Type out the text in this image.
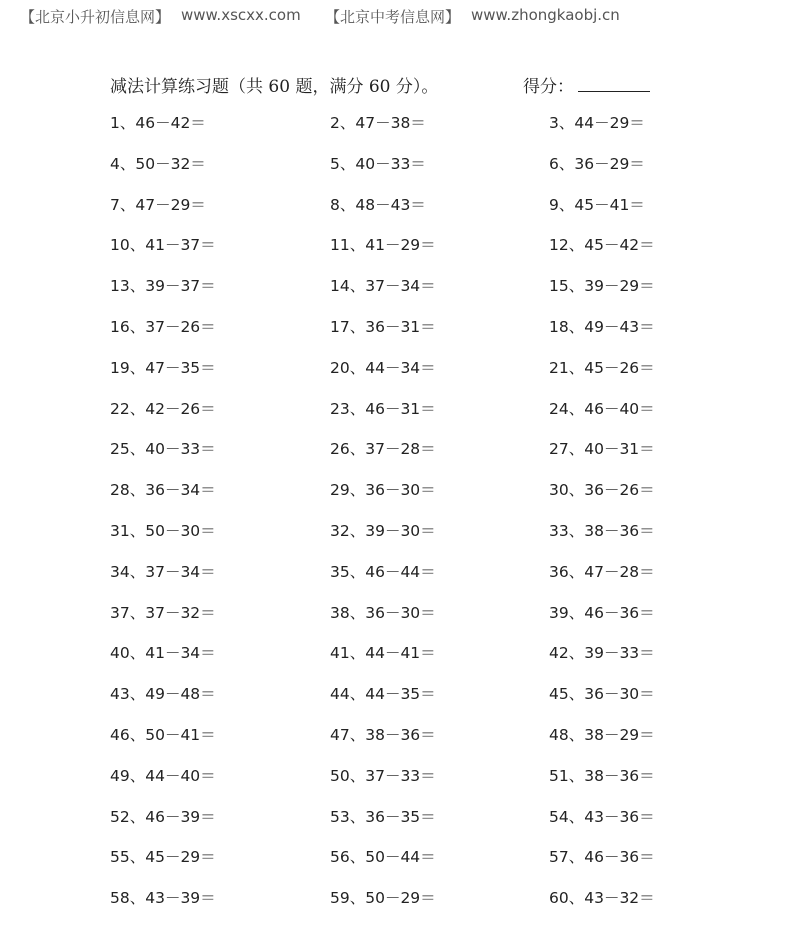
【北京小升初信息网】 www.xscxx.com 【北京中考信息网】 www.zhongkaobj.cn
减法计算练习题（共 60 题，满分 60 分）。	得分：
1、46－42＝	2、47－38＝	3、44－29＝
4、50－32＝	5、40－33＝	6、36－29＝
7、47－29＝	8、48－43＝	9、45－41＝
10、41－37＝	11、41－29＝	12、45－42＝
13、39－37＝	14、37－34＝	15、39－29＝
16、37－26＝	17、36－31＝	18、49－43＝
19、47－35＝	20、44－34＝	21、45－26＝
22、42－26＝	23、46－31＝	24、46－40＝
25、40－33＝	26、37－28＝	27、40－31＝
28、36－34＝	29、36－30＝	30、36－26＝
31、50－30＝	32、39－30＝	33、38－36＝
34、37－34＝	35、46－44＝	36、47－28＝
37、37－32＝	38、36－30＝	39、46－36＝
40、41－34＝	41、44－41＝	42、39－33＝
43、49－48＝	44、44－35＝	45、36－30＝
46、50－41＝	47、38－36＝	48、38－29＝
49、44－40＝	50、37－33＝	51、38－36＝
52、46－39＝	53、36－35＝	54、43－36＝
55、45－29＝	56、50－44＝	57、46－36＝
58、43－39＝	59、50－29＝	60、43－32＝
